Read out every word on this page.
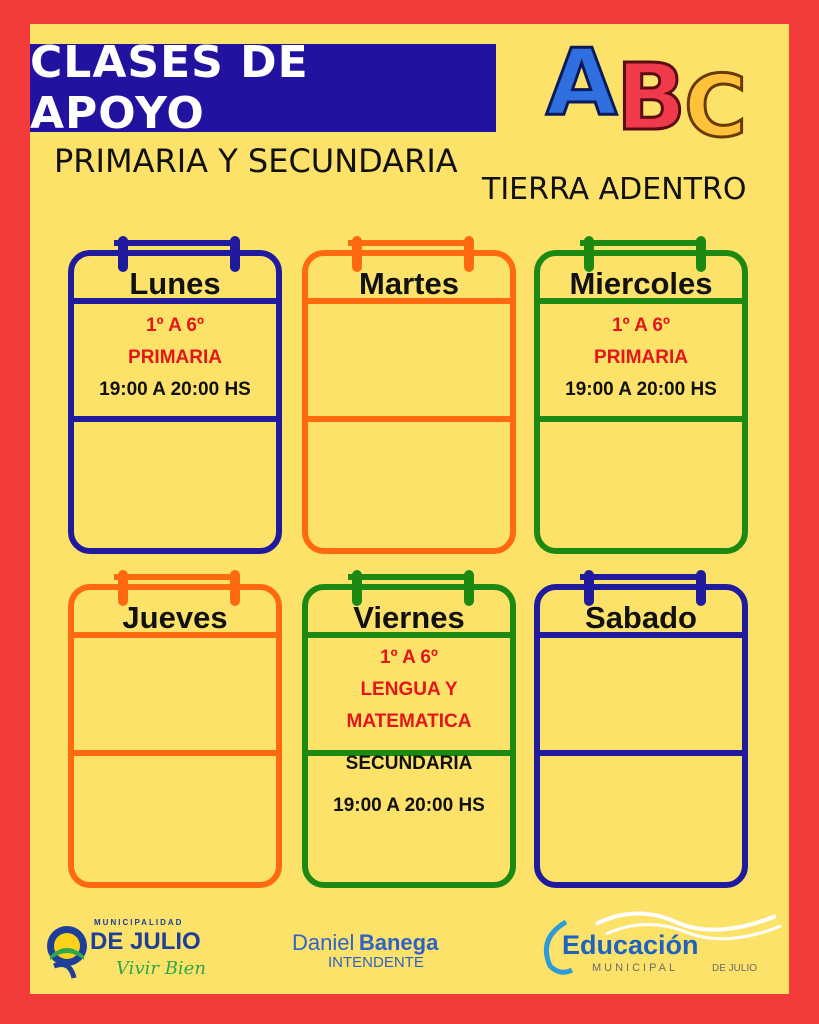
CLASES DE APOYO
PRIMARIA Y SECUNDARIA
TIERRA ADENTRO
A
B
C
Lunes
1º A 6º
PRIMARIA
19:00 A 20:00 HS
Martes	Miercoles
1º A 6º
PRIMARIA
19:00 A 20:00 HS
Jueves	Viernes
1º A 6º
LENGUA Y
MATEMATICA
SECUNDARIA
19:00 A 20:00 HS
Sabado
MUNICIPALIDAD
DE JULIO
Vivir Bien
Daniel Banega
INTENDENTE
Educación
MUNICIPAL	DE JULIO
